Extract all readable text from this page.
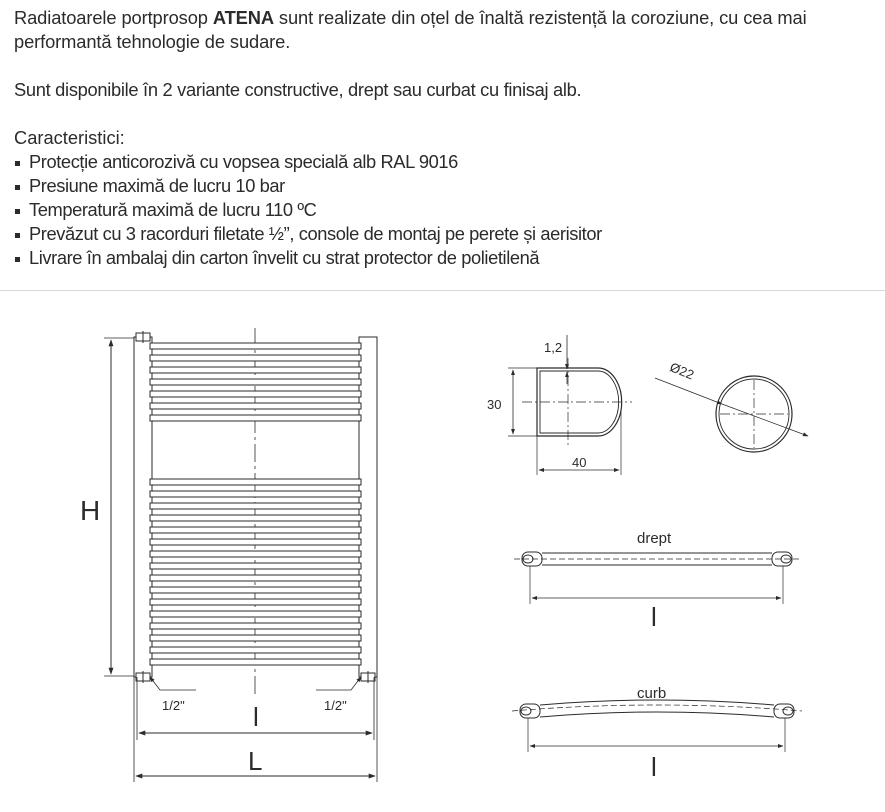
Radiatoarele portprosop ATENA sunt realizate din oțel de înaltă rezistență la coroziune, cu cea mai performantă tehnologie de sudare.

Sunt disponibile în 2 variante constructive, drept sau curbat cu finisaj alb.

Caracteristici:

Protecție anticorozivă cu vopsea specială alb RAL 9016
Presiune maximă de lucru 10 bar
Temperatură maximă de lucru 110 ºC
Prevăzut cu 3 racorduri filetate ½”, console de montaj pe perete și aerisitor
Livrare în ambalaj din carton învelit cu strat protector de polietilenă
H
1/2"	1/2"
l
L
1,2
30
40
Ø22
drept
l
curb
l
